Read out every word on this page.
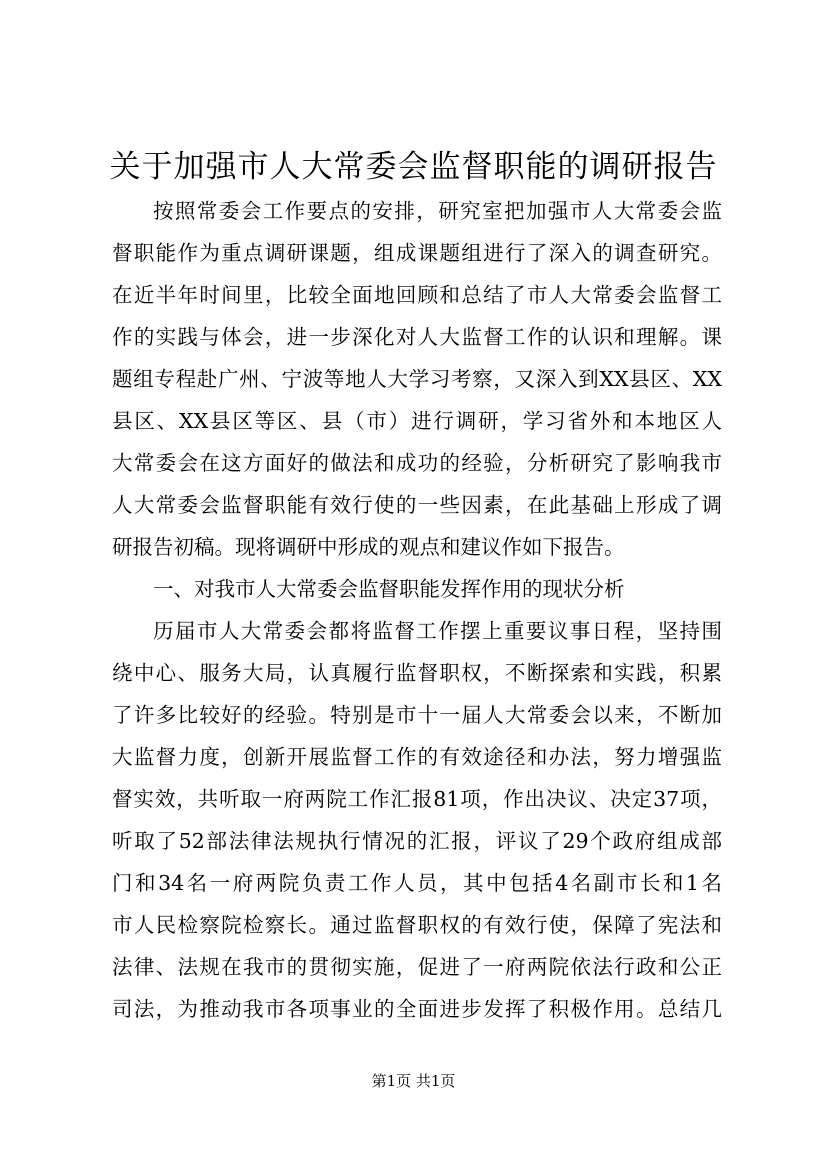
关于加强市人大常委会监督职能的调研报告
按照常委会工作要点的安排，研究室把加强市人大常委会监
督职能作为重点调研课题，组成课题组进行了深入的调查研究。
在近半年时间里，比较全面地回顾和总结了市人大常委会监督工
作的实践与体会，进一步深化对人大监督工作的认识和理解。课
题组专程赴广州、宁波等地人大学习考察，又深入到XX县区、XX
县区、XX县区等区、县（市）进行调研，学习省外和本地区人
大常委会在这方面好的做法和成功的经验，分析研究了影响我市
人大常委会监督职能有效行使的一些因素，在此基础上形成了调
研报告初稿。现将调研中形成的观点和建议作如下报告。
一、对我市人大常委会监督职能发挥作用的现状分析
历届市人大常委会都将监督工作摆上重要议事日程，坚持围
绕中心、服务大局，认真履行监督职权，不断探索和实践，积累
了许多比较好的经验。特别是市十一届人大常委会以来，不断加
大监督力度，创新开展监督工作的有效途径和办法，努力增强监
督实效，共听取一府两院工作汇报81项，作出决议、决定37项，
听取了52部法律法规执行情况的汇报，评议了29个政府组成部
门和34名一府两院负责工作人员，其中包括4名副市长和1名
市人民检察院检察长。通过监督职权的有效行使，保障了宪法和
法律、法规在我市的贯彻实施，促进了一府两院依法行政和公正
司法，为推动我市各项事业的全面进步发挥了积极作用。总结几
第1页 共1页
